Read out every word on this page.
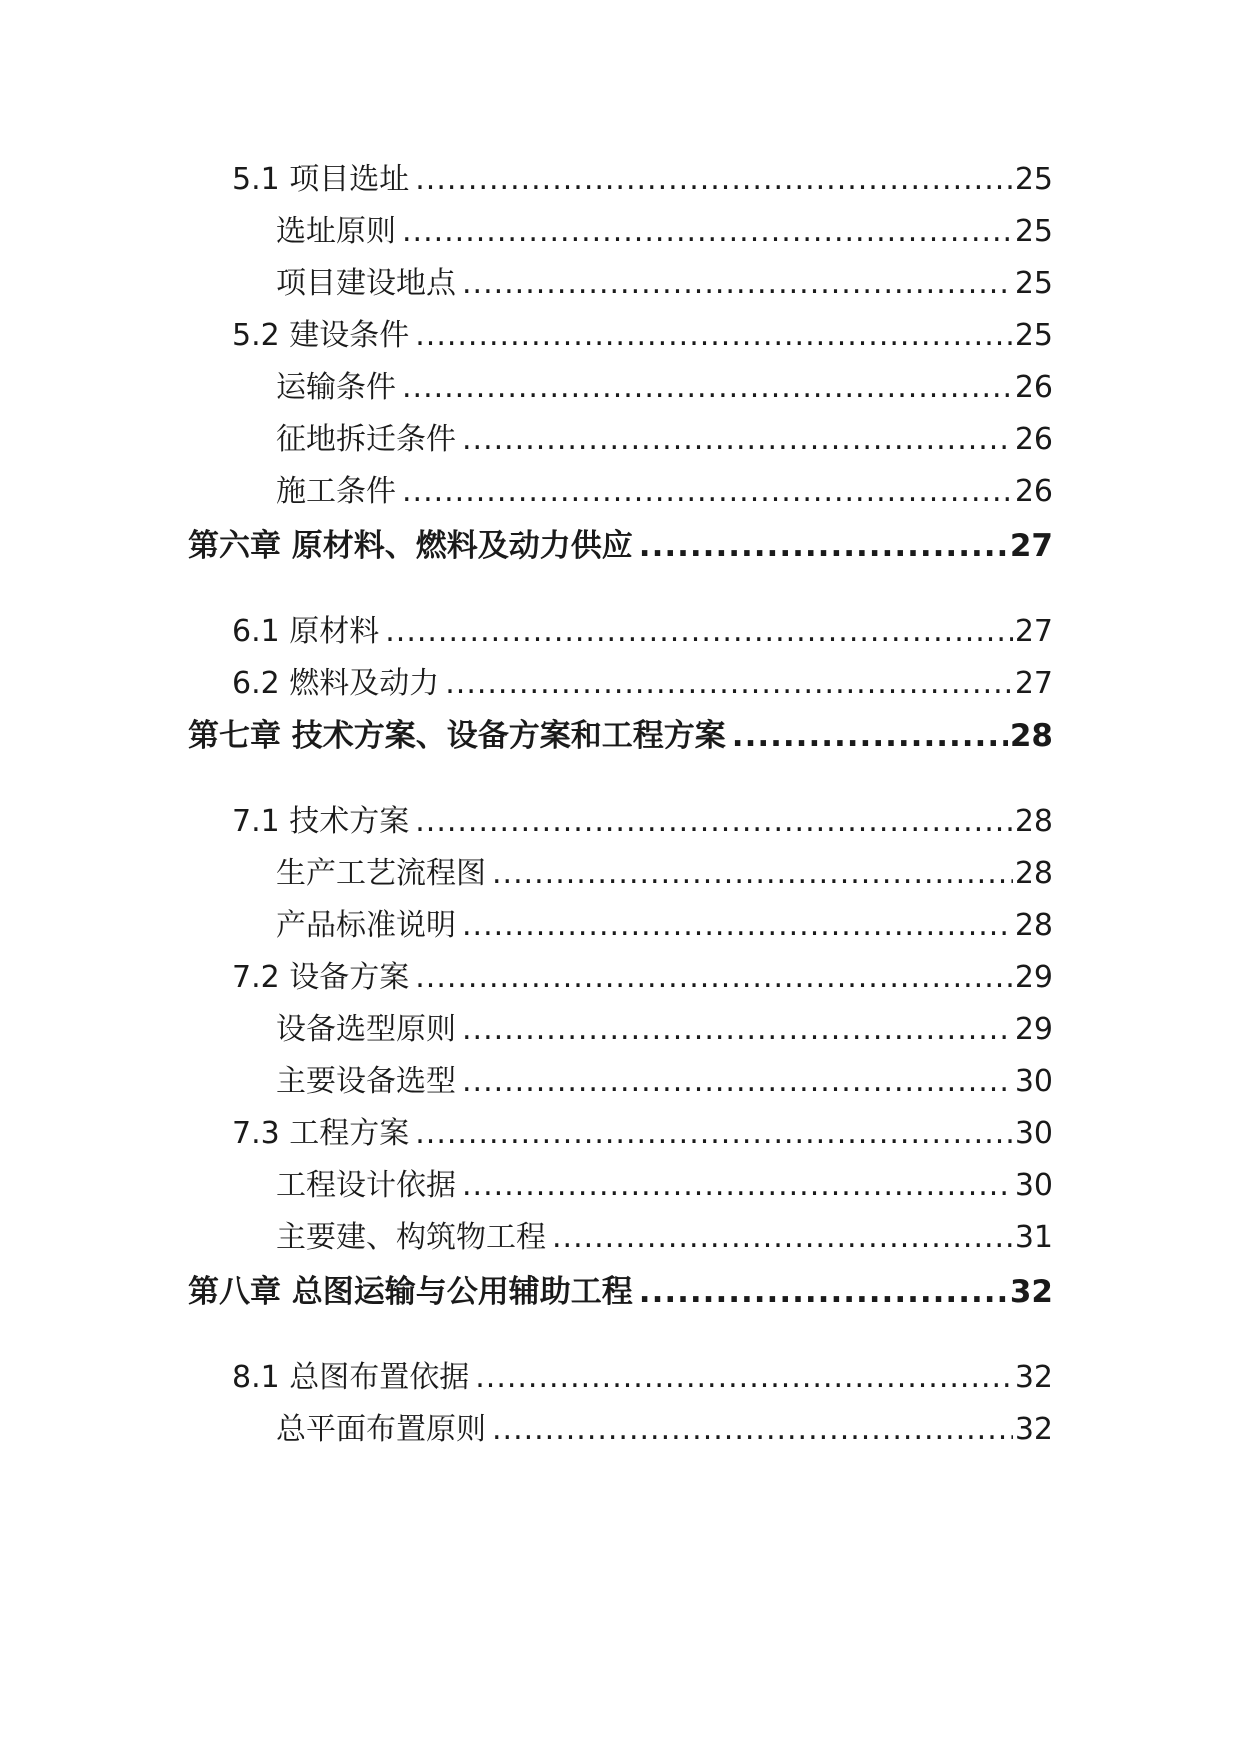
5.1 项目选址 .....	25
选址原则 .....	25
项目建设地点 .....	25
5.2 建设条件 .....	25
运输条件 .....	26
征地拆迁条件 .....	26
施工条件 .....	26
第六章 原材料、燃料及动力供应 .....	27
6.1 原材料 .....	27
6.2 燃料及动力 .....	27
第七章 技术方案、设备方案和工程方案 .....	28
7.1 技术方案 .....	28
生产工艺流程图 .....	28
产品标准说明 .....	28
7.2 设备方案 .....	29
设备选型原则 .....	29
主要设备选型 .....	30
7.3 工程方案 .....	30
工程设计依据 .....	30
主要建、构筑物工程 .....	31
第八章 总图运输与公用辅助工程 .....	32
8.1 总图布置依据 .....	32
总平面布置原则 .....	32
